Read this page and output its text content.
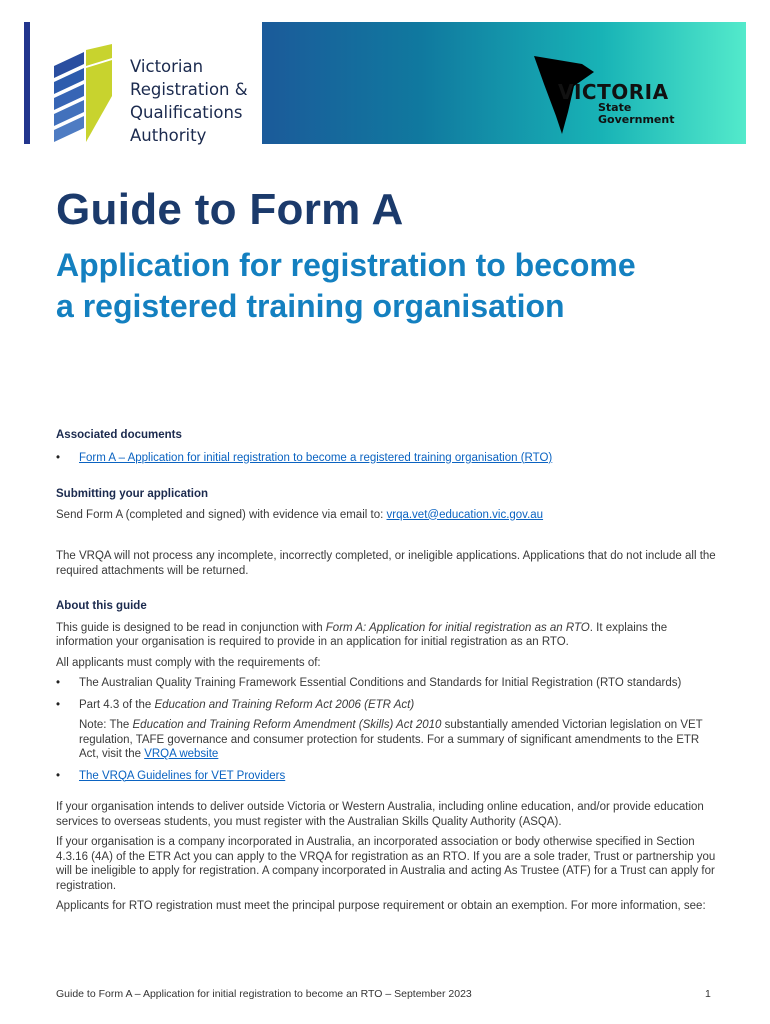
Victorian
Registration &
Qualifications
Authority
VICTORIA
State
Government
Guide to Form A
Application for registration to become a registered training organisation

Associated documents

• Form A – Application for initial registration to become a registered training organisation (RTO)

Submitting your application

Send Form A (completed and signed) with evidence via email to: vrqa.vet@education.vic.gov.au

The VRQA will not process any incomplete, incorrectly completed, or ineligible applications. Applications that do not include all the required attachments will be returned.

About this guide

This guide is designed to be read in conjunction with Form A: Application for initial registration as an RTO. It explains the information your organisation is required to provide in an application for initial registration as an RTO.

All applicants must comply with the requirements of:

• The Australian Quality Training Framework Essential Conditions and Standards for Initial Registration (RTO standards)
• Part 4.3 of the Education and Training Reform Act 2006 (ETR Act)

Note: The Education and Training Reform Amendment (Skills) Act 2010 substantially amended Victorian legislation on VET regulation, TAFE governance and consumer protection for students. For a summary of significant amendments to the ETR Act, visit the VRQA website

• The VRQA Guidelines for VET Providers

If your organisation intends to deliver outside Victoria or Western Australia, including online education, and/or provide education services to overseas students, you must register with the Australian Skills Quality Authority (ASQA).

If your organisation is a company incorporated in Australia, an incorporated association or body otherwise specified in Section 4.3.16 (4A) of the ETR Act you can apply to the VRQA for registration as an RTO. If you are a sole trader, Trust or partnership you will be ineligible to apply for registration. A company incorporated in Australia and acting As Trustee (ATF) for a Trust can apply for registration.

Applicants for RTO registration must meet the principal purpose requirement or obtain an exemption. For more information, see:

Guide to Form A – Application for initial registration to become an RTO – September 2023	1
